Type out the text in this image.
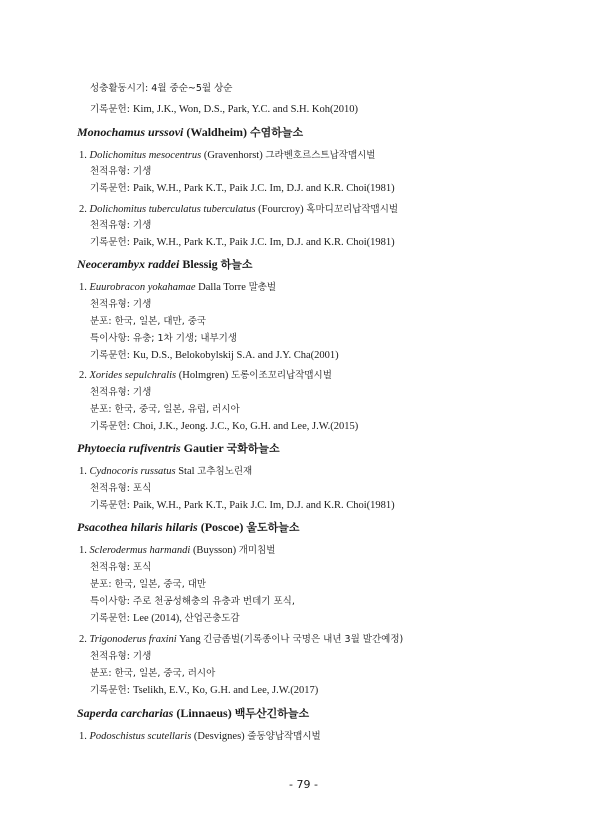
성충활동시기: 4월 중순~5월 상순
기록문헌: Kim, J.K., Won, D.S., Park, Y.C. and S.H. Koh(2010)
Monochamus urssovi (Waldheim) 수염하늘소
1. Dolichomitus mesocentrus (Gravenhorst) 그라벤호르스트납작맵시벌
천적유형: 기생
기록문헌: Paik, W.H., Park K.T., Paik J.C. Im, D.J. and K.R. Choi(1981)
2. Dolichomitus tuberculatus tuberculatus (Fourcroy) 혹마디꼬리납작맵시벌
천적유형: 기생
기록문헌: Paik, W.H., Park K.T., Paik J.C. Im, D.J. and K.R. Choi(1981)
Neocerambyx raddei Blessig 하늘소
1. Euurobracon yokahamae Dalla Torre 말총벌
천적유형: 기생
분포: 한국, 일본, 대만, 중국
특이사항: 유충; 1차 기생; 내부기생
기록문헌: Ku, D.S., Belokobylskij S.A. and J.Y. Cha(2001)
2. Xorides sepulchralis (Holmgren) 도롱이조꼬리납작맵시벌
천적유형: 기생
분포: 한국, 중국, 일본, 유럽, 러시아
기록문헌: Choi, J.K., Jeong. J.C., Ko, G.H. and Lee, J.W.(2015)
Phytoecia rufiventris Gautier 국화하늘소
1. Cydnocoris russatus Stal 고추침노린재
천적유형: 포식
기록문헌: Paik, W.H., Park K.T., Paik J.C. Im, D.J. and K.R. Choi(1981)
Psacothea hilaris hilaris (Poscoe) 울도하늘소
1. Sclerodermus harmandi (Buysson) 개미침벌
천적유형: 포식
분포: 한국, 일본, 중국, 대만
특이사항: 주로 천공성해충의 유충과 번데기 포식,
기록문헌: Lee (2014), 산업곤충도감
2. Trigonoderus fraxini Yang 긴금좀벌(기록종이나 국명은 내년 3월 발간예정)
천적유형: 기생
분포: 한국, 일본, 중국, 러시아
기록문헌: Tselikh, E.V., Ko, G.H. and Lee, J.W.(2017)
Saperda carcharias (Linnaeus) 백두산긴하늘소
1. Podoschistus scutellaris (Desvignes) 줄동양납작맵시벌
- 79 -
